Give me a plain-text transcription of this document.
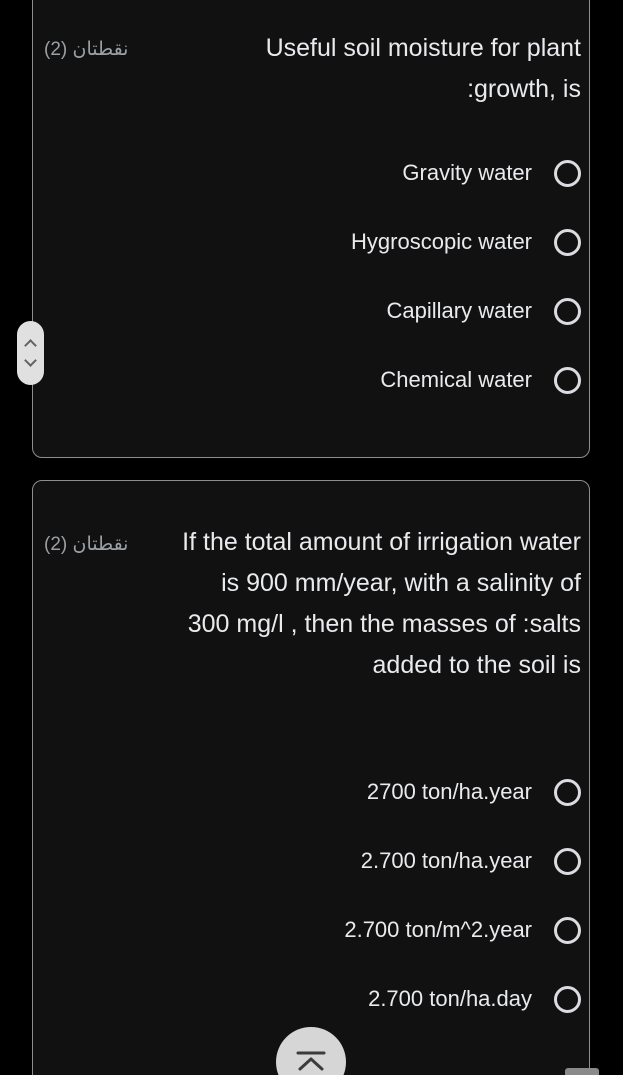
نقطتان (2)	Useful soil moisture for plant :growth, is
Gravity water
Hygroscopic water
Capillary water
Chemical water
نقطتان (2) If the total amount of irrigation water is 900 mm/year, with a salinity of 300 mg/l , then the masses of :salts added to the soil is
2700 ton/ha.year
2.700 ton/ha.year
2.700 ton/m^2.year
2.700 ton/ha.day
